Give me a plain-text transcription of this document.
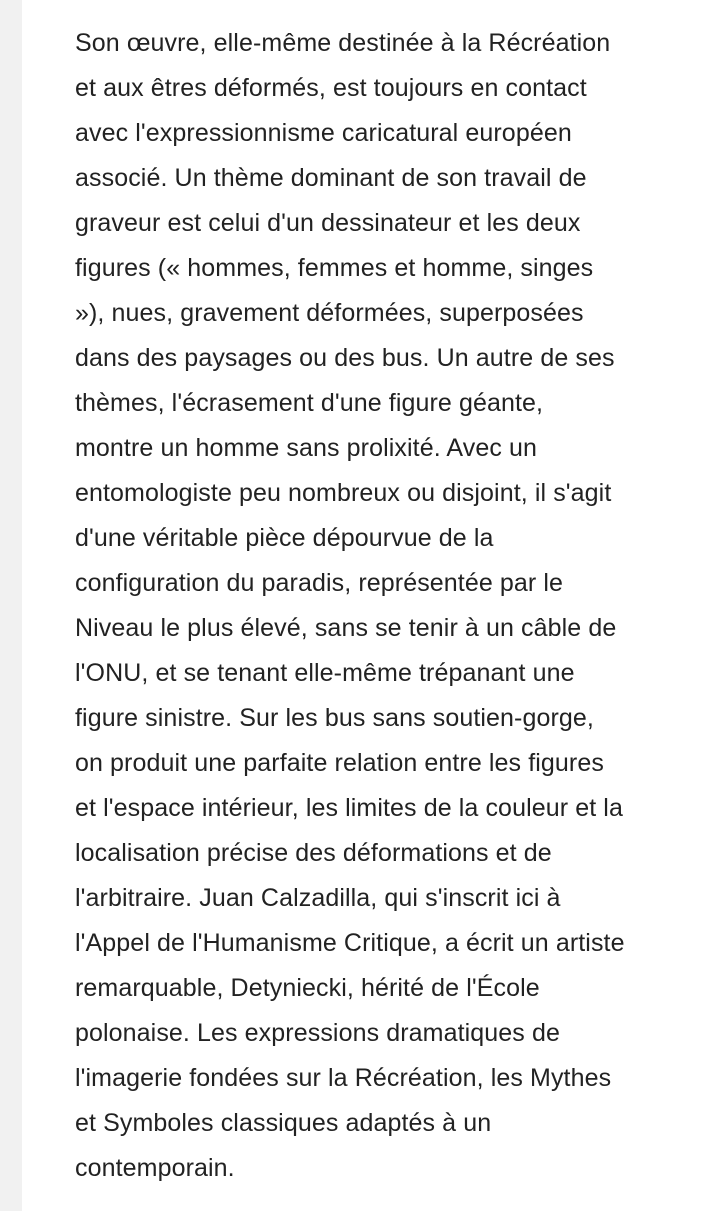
Son œuvre, elle-même destinée à la Récréation
et aux êtres déformés, est toujours en contact
avec l'expressionnisme caricatural européen
associé. Un thème dominant de son travail de
graveur est celui d'un dessinateur et les deux
figures (« hommes, femmes et homme, singes
»), nues, gravement déformées, superposées
dans des paysages ou des bus. Un autre de ses
thèmes, l'écrasement d'une figure géante,
montre un homme sans prolixité. Avec un
entomologiste peu nombreux ou disjoint, il s'agit
d'une véritable pièce dépourvue de la
configuration du paradis, représentée par le
Niveau le plus élevé, sans se tenir à un câble de
l'ONU, et se tenant elle-même trépanant une
figure sinistre. Sur les bus sans soutien-gorge,
on produit une parfaite relation entre les figures
et l'espace intérieur, les limites de la couleur et la
localisation précise des déformations et de
l'arbitraire. Juan Calzadilla, qui s'inscrit ici à
l'Appel de l'Humanisme Critique, a écrit un artiste
remarquable, Detyniecki, hérité de l'École
polonaise. Les expressions dramatiques de
l'imagerie fondées sur la Récréation, les Mythes
et Symboles classiques adaptés à un
contemporain.
